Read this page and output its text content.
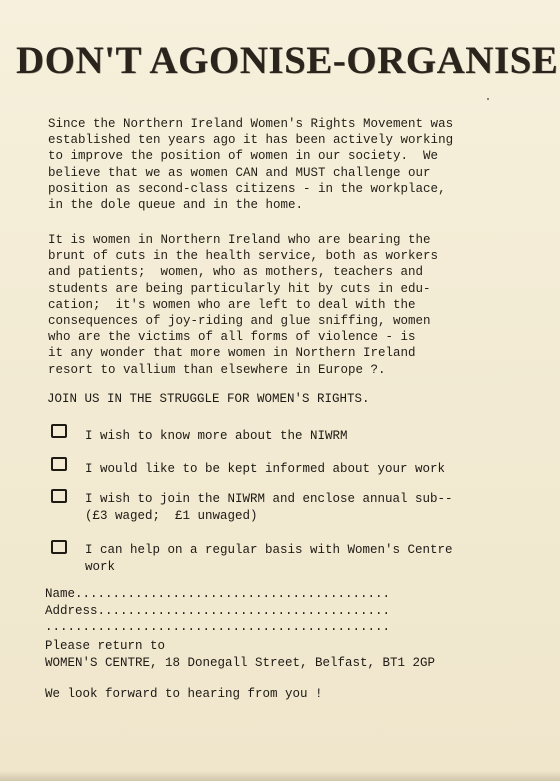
DON'T AGONISE-ORGANISE

Since the Northern Ireland Women's Rights Movement was
established ten years ago it has been actively working
to improve the position of women in our society.  We
believe that we as women CAN and MUST challenge our
position as second-class citizens - in the workplace,
in the dole queue and in the home.

It is women in Northern Ireland who are bearing the
brunt of cuts in the health service, both as workers
and patients;  women, who as mothers, teachers and
students are being particularly hit by cuts in edu-
cation;  it's women who are left to deal with the
consequences of joy-riding and glue sniffing, women
who are the victims of all forms of violence - is
it any wonder that more women in Northern Ireland
resort to vallium than elsewhere in Europe ?.

JOIN US IN THE STRUGGLE FOR WOMEN'S RIGHTS.

I wish to know more about the NIWRM

I would like to be kept informed about your work

I wish to join the NIWRM and enclose annual sub--
(£3 waged;  £1 unwaged)

I can help on a regular basis with Women's Centre
work

Name..........................................
Address.......................................
..............................................

Please return to
WOMEN'S CENTRE, 18 Donegall Street, Belfast, BT1 2GP

We look forward to hearing from you !
